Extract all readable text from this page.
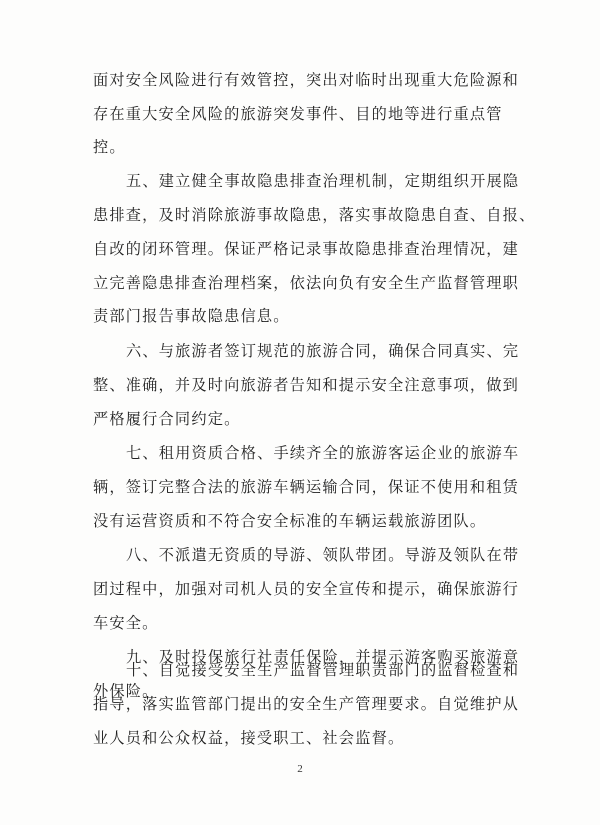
面对安全风险进行有效管控，突出对临时出现重大危险源和
存在重大安全风险的旅游突发事件、目的地等进行重点管
控。
五、建立健全事故隐患排查治理机制，定期组织开展隐
患排查，及时消除旅游事故隐患，落实事故隐患自查、自报、
自改的闭环管理。保证严格记录事故隐患排查治理情况，建
立完善隐患排查治理档案，依法向负有安全生产监督管理职
责部门报告事故隐患信息。
六、与旅游者签订规范的旅游合同，确保合同真实、完
整、准确，并及时向旅游者告知和提示安全注意事项，做到
严格履行合同约定。
七、租用资质合格、手续齐全的旅游客运企业的旅游车
辆，签订完整合法的旅游车辆运输合同，保证不使用和租赁
没有运营资质和不符合安全标准的车辆运载旅游团队。
八、不派遣无资质的导游、领队带团。导游及领队在带
团过程中，加强对司机人员的安全宣传和提示，确保旅游行
车安全。
九、及时投保旅行社责任保险，并提示游客购买旅游意
外保险。
十、自觉接受安全生产监督管理职责部门的监督检查和
指导，落实监管部门提出的安全生产管理要求。自觉维护从
业人员和公众权益，接受职工、社会监督。
2
